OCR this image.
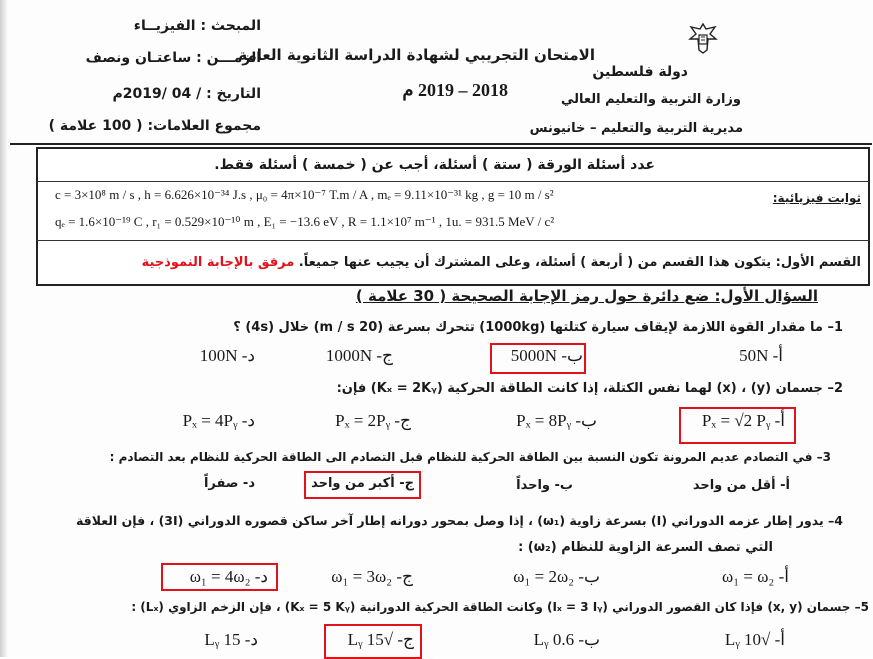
دولة فلسطين
وزارة التربية والتعليم العالي
مديرية التربية والتعليم – خانيونس
الامتحان التجريبي لشهادة الدراسة الثانوية العامة
2018 – 2019 م
المبحث : الفيزيــاء
الزمـــن : ساعتـان ونصف
التاريخ : / 04 /2019م
مجموع العلامات: ( 100 علامة )
عدد أسئلة الورقة ( ستة ) أسئلة، أجب عن ( خمسة ) أسئلة فقط.
ثوابت فيزيائية:
c = 3×10⁸ m / s , h = 6.626×10⁻³⁴ J.s , μ₀ = 4π×10⁻⁷ T.m / A , mₑ = 9.11×10⁻³¹ kg , g = 10 m / s²
qₑ = 1.6×10⁻¹⁹ C , r₁ = 0.529×10⁻¹⁰ m , E₁ = −13.6 eV , R = 1.1×10⁷ m⁻¹ , 1u. = 931.5 MeV / c²
القسم الأول: يتكون هذا القسم من ( أربعة ) أسئلة، وعلى المشترك أن يجيب عنها جميعاً. مرفق بالإجابة النموذجية
السؤال الأول: ضع دائرة حول رمز الإجابة الصحيحة ( 30 علامة )
1– ما مقدار القوة اللازمة لإيقاف سيارة كتلتها (1000kg) تتحرك بسرعة (20 m / s) خلال (4s) ؟
أ- 50N
ب- 5000N
ج- 1000N
د- 100N
2– جسمان (y) ، (x) لهما نفس الكتلة، إذا كانت الطاقة الحركية (Kₓ = 2Kᵧ) فإن:
أ- Pₓ = √2 Pᵧ
ب- Pₓ = 8Pᵧ
ج- Pₓ = 2Pᵧ
د- Pₓ = 4Pᵧ
3– في التصادم عديم المرونة تكون النسبة بين الطاقة الحركية للنظام قبل التصادم الى الطاقة الحركية للنظام بعد التصادم :
أ- أقل من واحد
ب- واحداً
ج- أكبر من واحد
د- صفراً
4– يدور إطار عزمه الدوراني (I) بسرعة زاوية (ω₁) ، إذا وصل بمحور دورانه إطار آخر ساكن قصوره الدوراني (3I) ، فإن العلاقة
التي تصف السرعة الزاوية للنظام (ω₂) :
أ- ω₁ = ω₂
ب- ω₁ = 2ω₂
ج- ω₁ = 3ω₂
د- ω₁ = 4ω₂
5– جسمان (x, y) فإذا كان القصور الدوراني (Iₓ = 3 Iᵧ) وكانت الطاقة الحركية الدورانية (Kₓ = 5 Kᵧ) ، فإن الزخم الزاوي (Lₓ) :
أ- √10 Lᵧ
ب- 0.6 Lᵧ
ج- √15 Lᵧ
د- 15 Lᵧ
